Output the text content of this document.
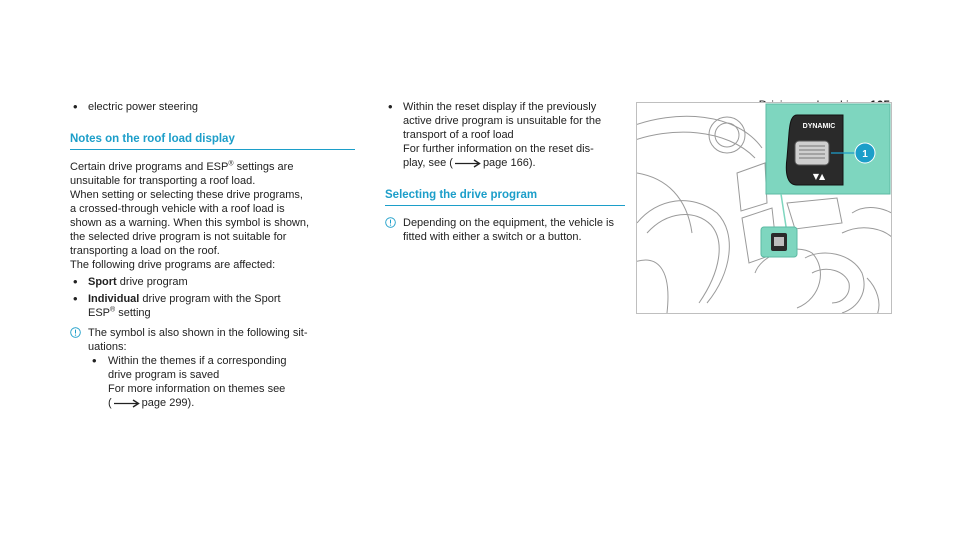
• electric power steering

Notes on the roof load display

Certain drive programs and ESP® settings are

unsuitable for transporting a roof load.

When setting or selecting these drive programs,

a crossed-through vehicle with a roof load is

shown as a warning. When this symbol is shown,

the selected drive program is not suitable for

transporting a load on the roof.

The following drive programs are affected:

• Sport drive program

• Individual drive program with the Sport

ESP® setting

The symbol is also shown in the following sit-

uations:

• Within the themes if a corresponding

drive program is saved

For more information on themes see

(	page 299).

• Within the reset display if the previously

active drive program is unsuitable for the

transport of a roof load

For further information on the reset dis-

play, see (	page 166).

Selecting the drive program

Depending on the equipment, the vehicle is

fitted with either a switch or a button.

DYNAMIC
▼▲
1
